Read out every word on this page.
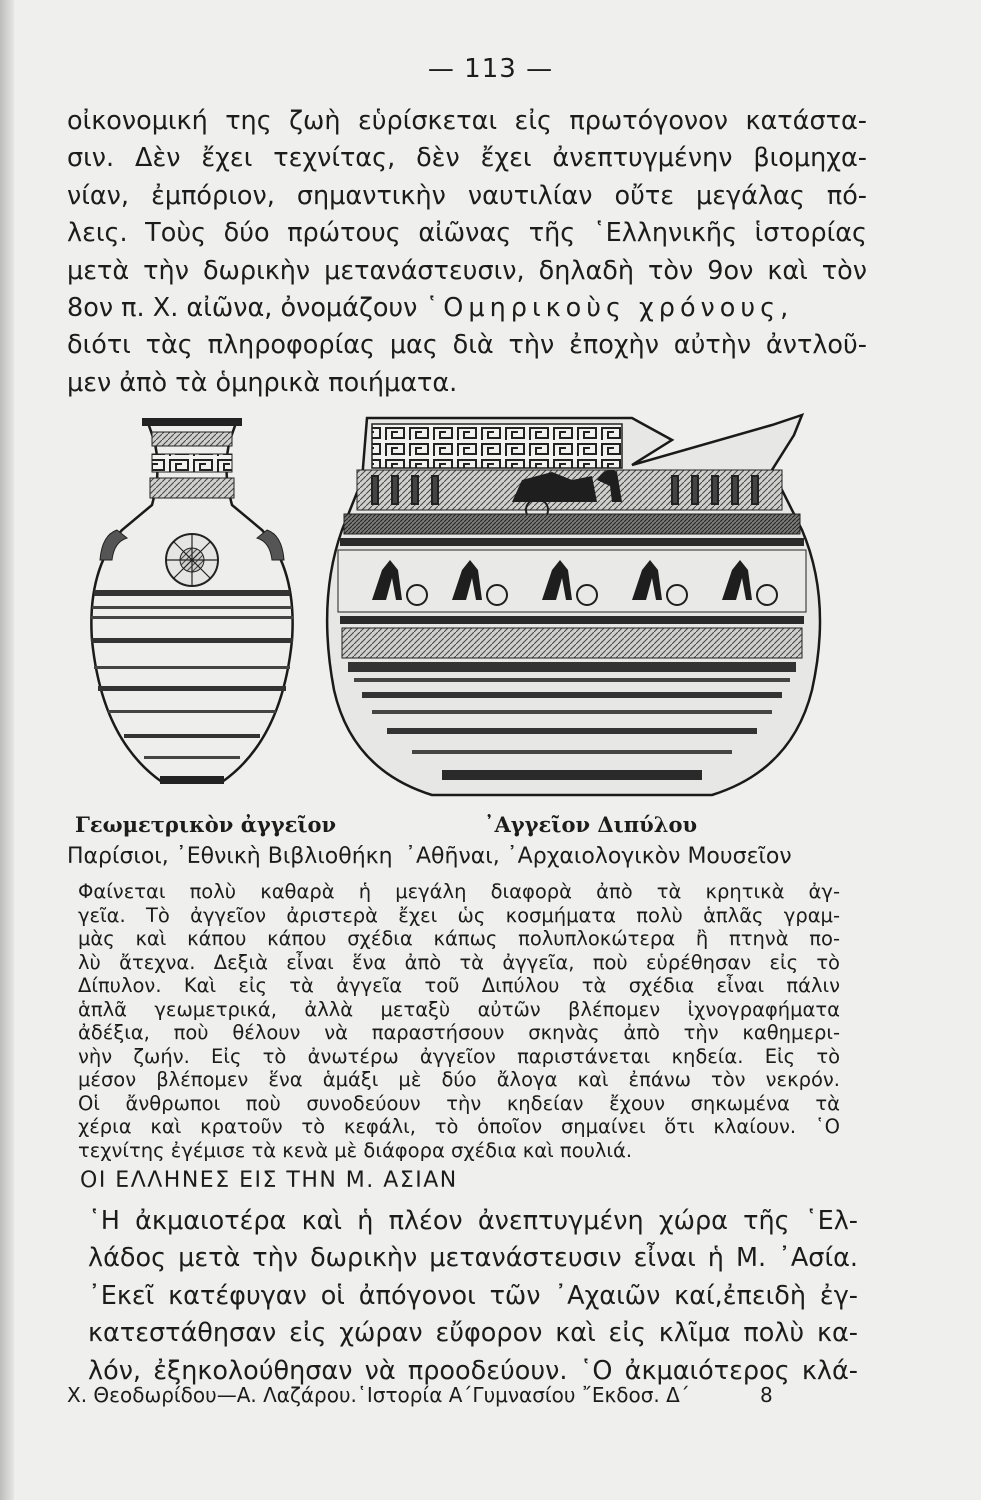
— 113 —

οἰκονομική της ζωὴ εὑρίσκεται εἰς πρωτόγονον κατάστα-
σιν. Δὲν ἔχει τεχνίτας, δὲν ἔχει ἀνεπτυγμένην βιομηχα-
νίαν, ἐμπόριον, σημαντικὴν ναυτιλίαν οὔτε μεγάλας πό-
λεις. Τοὺς δύο πρώτους αἰῶνας τῆς ῾Ελληνικῆς ἱστορίας
μετὰ τὴν δωρικὴν μετανάστευσιν, δηλαδὴ τὸν 9ον καὶ τὸν
8ον π. Χ. αἰῶνα, ὀνομάζουν ῾Ομηρικοὺς χρόνους,
διότι τὰς πληροφορίας μας διὰ τὴν ἐποχὴν αὐτὴν ἀντλοῦ-
μεν ἀπὸ τὰ ὁμηρικὰ ποιήματα.

Γεωμετρικὸν ἀγγεῖον	᾿Αγγεῖον Διπύλου
Παρίσιοι, ᾿Εθνικὴ Βιβλιοθήκη ᾿Αθῆναι, ᾿Αρχαιολογικὸν Μουσεῖον

Φαίνεται πολὺ καθαρὰ ἡ μεγάλη διαφορὰ ἀπὸ τὰ κρητικὰ ἀγ-
γεῖα. Τὸ ἀγγεῖον ἀριστερὰ ἔχει ὡς κοσμήματα πολὺ ἁπλᾶς γραμ-
μὰς καὶ κάπου κάπου σχέδια κάπως πολυπλοκώτερα ἢ πτηνὰ πο-
λὺ ἄτεχνα. Δεξιὰ εἶναι ἕνα ἀπὸ τὰ ἀγγεῖα, ποὺ εὑρέθησαν εἰς τὸ
Δίπυλον. Καὶ εἰς τὰ ἀγγεῖα τοῦ Διπύλου τὰ σχέδια εἶναι πάλιν
ἁπλᾶ γεωμετρικά, ἀλλὰ μεταξὺ αὐτῶν βλέπομεν ἰχνογραφήματα
ἀδέξια, ποὺ θέλουν νὰ παραστήσουν σκηνὰς ἀπὸ τὴν καθημερι-
νὴν ζωήν. Εἰς τὸ ἀνωτέρω ἀγγεῖον παριστάνεται κηδεία. Εἰς τὸ
μέσον βλέπομεν ἕνα ἁμάξι μὲ δύο ἄλογα καὶ ἐπάνω τὸν νεκρόν.
Οἱ ἄνθρωποι ποὺ συνοδεύουν τὴν κηδείαν ἔχουν σηκωμένα τὰ
χέρια καὶ κρατοῦν τὸ κεφάλι, τὸ ὁποῖον σημαίνει ὅτι κλαίουν. ῾Ο
τεχνίτης ἐγέμισε τὰ κενὰ μὲ διάφορα σχέδια καὶ πουλιά.

ΟΙ ΕΛΛΗΝΕΣ ΕΙΣ ΤΗΝ Μ. ΑΣΙΑΝ

῾Η ἀκμαιοτέρα καὶ ἡ πλέον ἀνεπτυγμένη χώρα τῆς ῾Ελ-
λάδος μετὰ τὴν δωρικὴν μετανάστευσιν εἶναι ἡ Μ. ᾿Ασία.
᾿Εκεῖ κατέφυγαν οἱ ἀπόγονοι τῶν ᾿Αχαιῶν καί,ἐπειδὴ ἐγ-
κατεστάθησαν εἰς χώραν εὔφορον καὶ εἰς κλῖμα πολὺ κα-
λόν, ἐξηκολούθησαν νὰ προοδεύουν. ῾Ο ἀκμαιότερος κλά-

Χ. Θεοδωρίδου—Α. Λαζάρου.῾Ιστορία Α΄Γυμνασίου ῎Εκδοσ. Δ΄	8
